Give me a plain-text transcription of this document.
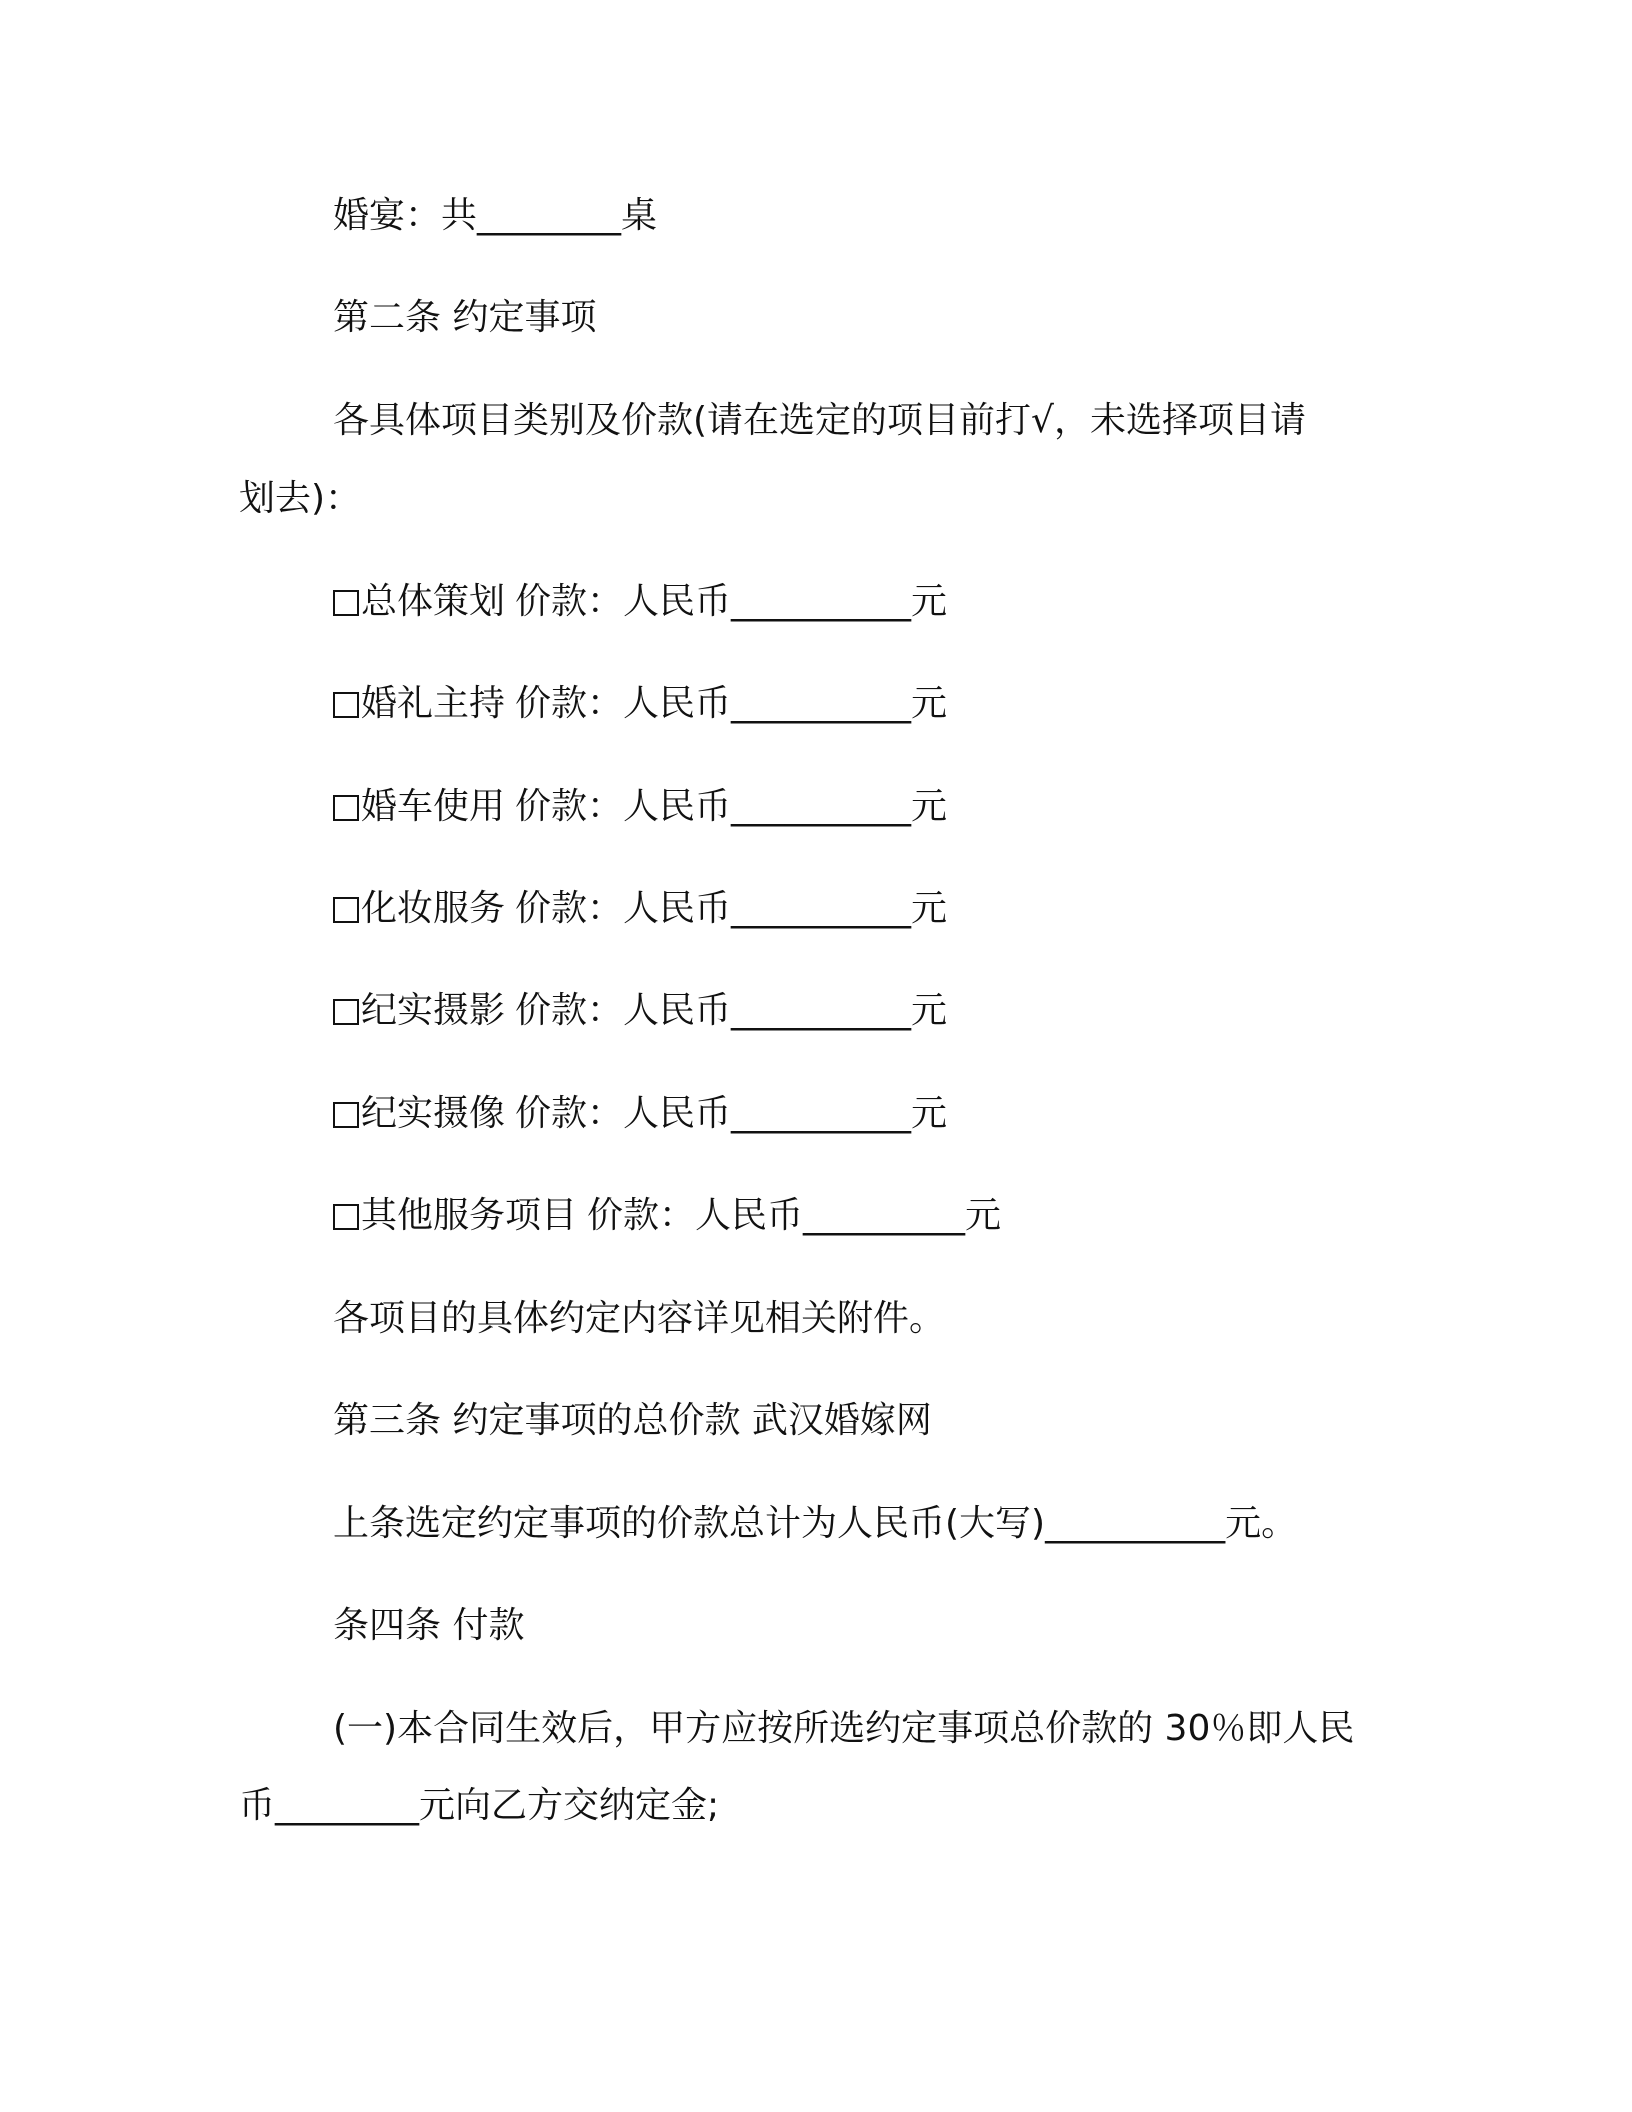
婚宴：共________桌
第二条 约定事项
各具体项目类别及价款(请在选定的项目前打√，未选择项目请
划去)：
总体策划 价款：人民币__________元
婚礼主持 价款：人民币__________元
婚车使用 价款：人民币__________元
化妆服务 价款：人民币__________元
纪实摄影 价款：人民币__________元
纪实摄像 价款：人民币__________元
其他服务项目 价款：人民币_________元
各项目的具体约定内容详见相关附件。
第三条 约定事项的总价款 武汉婚嫁网
上条选定约定事项的价款总计为人民币(大写)__________元。
条四条 付款
(一)本合同生效后，甲方应按所选约定事项总价款的 30％即人民
币________元向乙方交纳定金;
